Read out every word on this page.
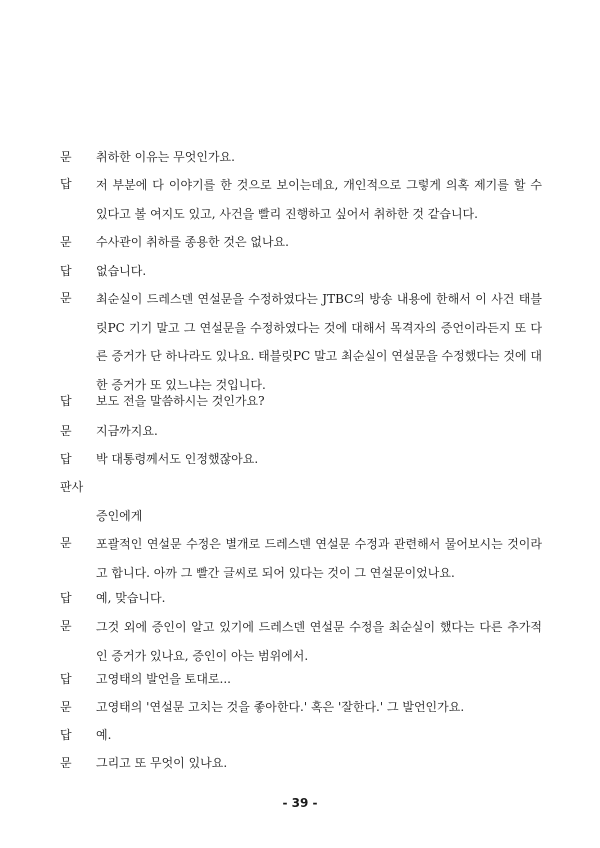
문 취하한 이유는 무엇인가요.
답 저 부분에 다 이야기를 한 것으로 보이는데요, 개인적으로 그렇게 의혹 제기를 할 수 있다고 볼 여지도 있고, 사건을 빨리 진행하고 싶어서 취하한 것 같습니다.
문 수사관이 취하를 종용한 것은 없나요.
답 없습니다.
문 최순실이 드레스덴 연설문을 수정하였다는 JTBC의 방송 내용에 한해서 이 사건 태블릿PC 기기 말고 그 연설문을 수정하였다는 것에 대해서 목격자의 증언이라든지 또 다른 증거가 단 하나라도 있나요. 태블릿PC 말고 최순실이 연설문을 수정했다는 것에 대한 증거가 또 있느냐는 것입니다.
답 보도 전을 말씀하시는 것인가요?
문 지금까지요.
답 박 대통령께서도 인정했잖아요.
판사
증인에게
문 포괄적인 연설문 수정은 별개로 드레스덴 연설문 수정과 관련해서 물어보시는 것이라고 합니다. 아까 그 빨간 글씨로 되어 있다는 것이 그 연설문이었나요.
답 예, 맞습니다.
문 그것 외에 증인이 알고 있기에 드레스덴 연설문 수정을 최순실이 했다는 다른 추가적인 증거가 있나요, 증인이 아는 범위에서.
답 고영태의 발언을 토대로...
문 고영태의 '연설문 고치는 것을 좋아한다.' 혹은 '잘한다.' 그 발언인가요.
답 예.
문 그리고 또 무엇이 있나요.
- 39 -
